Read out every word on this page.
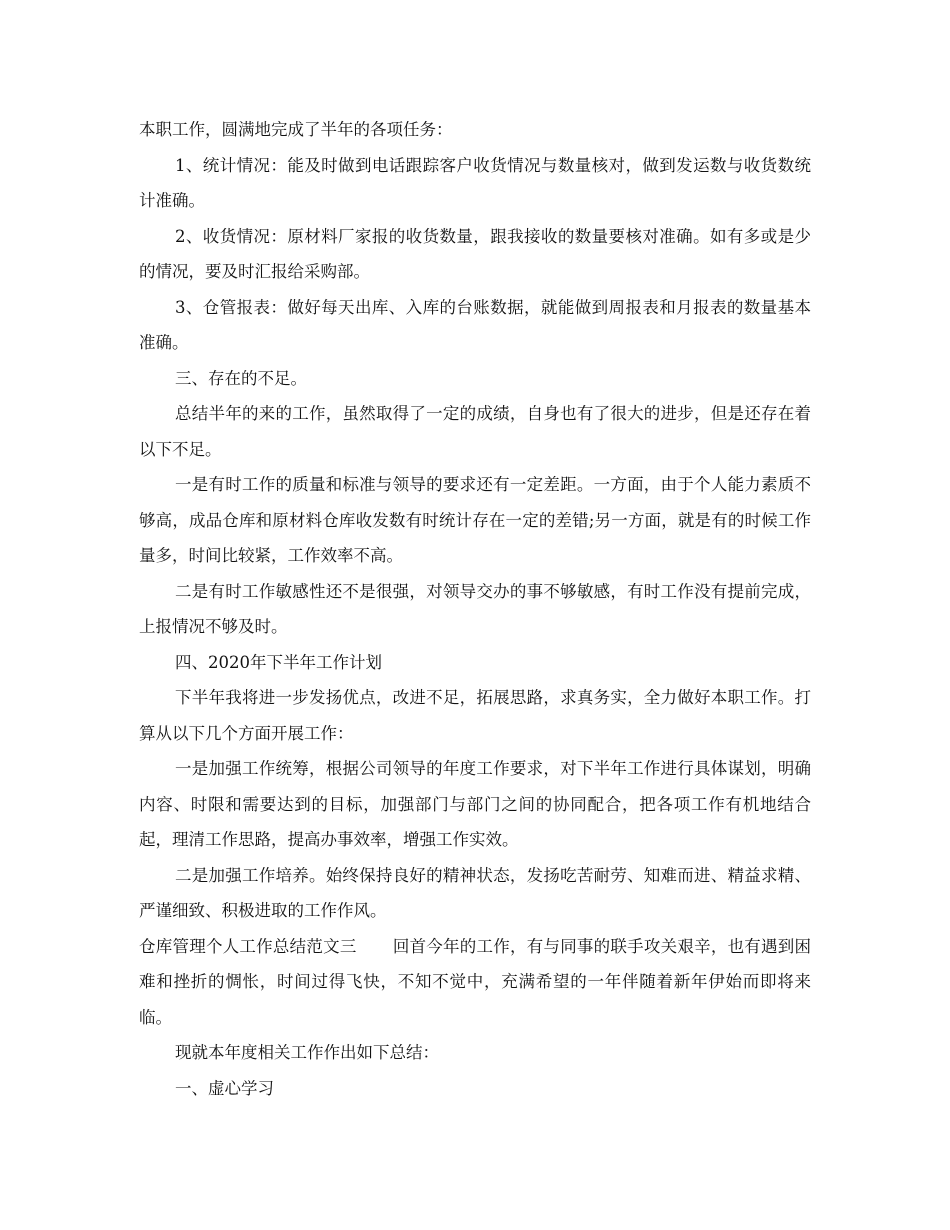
本职工作，圆满地完成了半年的各项任务：

1、统计情况：能及时做到电话跟踪客户收货情况与数量核对，做到发运数与收货数统计准确。

2、收货情况：原材料厂家报的收货数量，跟我接收的数量要核对准确。如有多或是少的情况，要及时汇报给采购部。

3、仓管报表：做好每天出库、入库的台账数据，就能做到周报表和月报表的数量基本准确。

三、存在的不足。

总结半年的来的工作，虽然取得了一定的成绩，自身也有了很大的进步，但是还存在着以下不足。

一是有时工作的质量和标准与领导的要求还有一定差距。一方面，由于个人能力素质不够高，成品仓库和原材料仓库收发数有时统计存在一定的差错;另一方面，就是有的时候工作量多，时间比较紧，工作效率不高。

二是有时工作敏感性还不是很强，对领导交办的事不够敏感，有时工作没有提前完成，上报情况不够及时。

四、2020年下半年工作计划

下半年我将进一步发扬优点，改进不足，拓展思路，求真务实，全力做好本职工作。打算从以下几个方面开展工作：

一是加强工作统筹，根据公司领导的年度工作要求，对下半年工作进行具体谋划，明确内容、时限和需要达到的目标，加强部门与部门之间的协同配合，把各项工作有机地结合起，理清工作思路，提高办事效率，增强工作实效。

二是加强工作培养。始终保持良好的精神状态，发扬吃苦耐劳、知难而进、精益求精、严谨细致、积极进取的工作作风。

仓库管理个人工作总结范文三 回首今年的工作，有与同事的联手攻关艰辛，也有遇到困难和挫折的惆怅，时间过得飞快，不知不觉中，充满希望的一年伴随着新年伊始而即将来临。

现就本年度相关工作作出如下总结：

一、虚心学习
